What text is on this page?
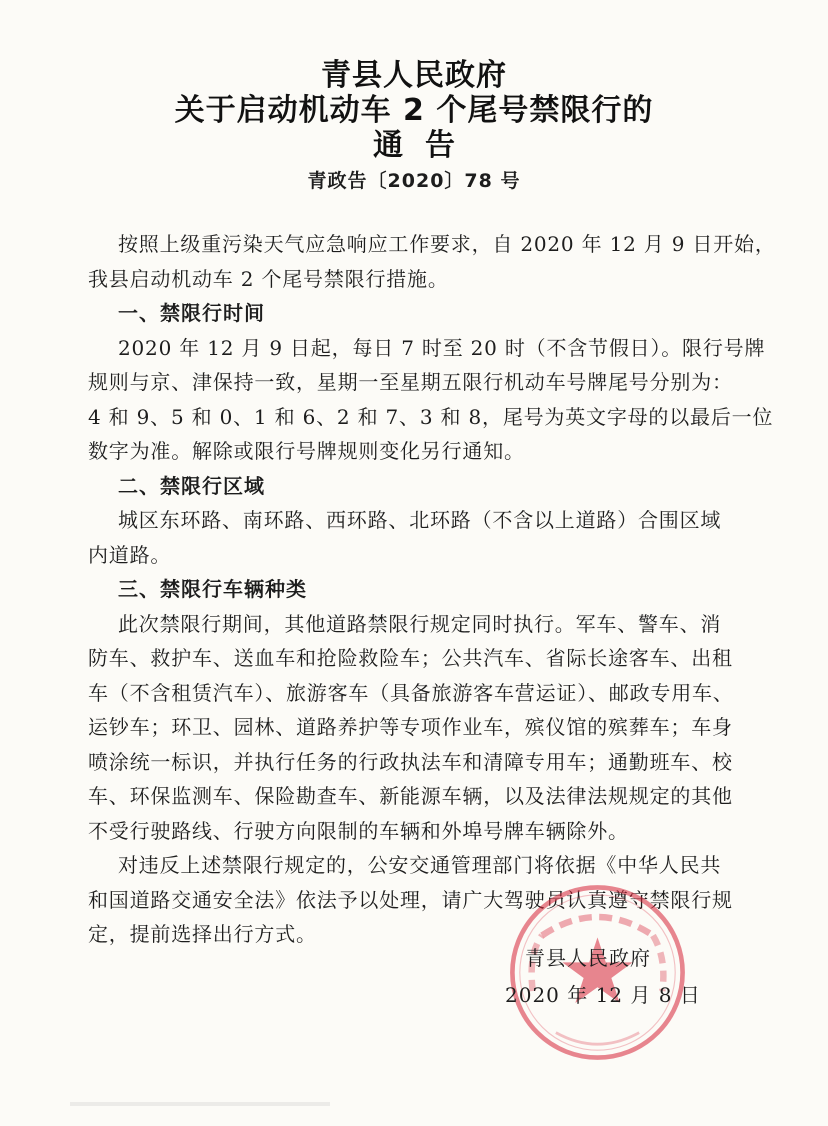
青县人民政府
关于启动机动车 2 个尾号禁限行的
通告
青政告〔2020〕78 号
按照上级重污染天气应急响应工作要求，自 2020 年 12 月 9 日开始，
我县启动机动车 2 个尾号禁限行措施。
一、禁限行时间
2020 年 12 月 9 日起，每日 7 时至 20 时（不含节假日）。限行号牌
规则与京、津保持一致，星期一至星期五限行机动车号牌尾号分别为：
4 和 9、5 和 0、1 和 6、2 和 7、3 和 8，尾号为英文字母的以最后一位
数字为准。解除或限行号牌规则变化另行通知。
二、禁限行区域
城区东环路、南环路、西环路、北环路（不含以上道路）合围区域
内道路。
三、禁限行车辆种类
此次禁限行期间，其他道路禁限行规定同时执行。军车、警车、消
防车、救护车、送血车和抢险救险车；公共汽车、省际长途客车、出租
车（不含租赁汽车）、旅游客车（具备旅游客车营运证）、邮政专用车、
运钞车；环卫、园林、道路养护等专项作业车，殡仪馆的殡葬车；车身
喷涂统一标识，并执行任务的行政执法车和清障专用车；通勤班车、校
车、环保监测车、保险勘查车、新能源车辆，以及法律法规规定的其他
不受行驶路线、行驶方向限制的车辆和外埠号牌车辆除外。
对违反上述禁限行规定的，公安交通管理部门将依据《中华人民共
和国道路交通安全法》依法予以处理，请广大驾驶员认真遵守禁限行规
定，提前选择出行方式。
青县人民政府
2020 年 12 月 8 日
